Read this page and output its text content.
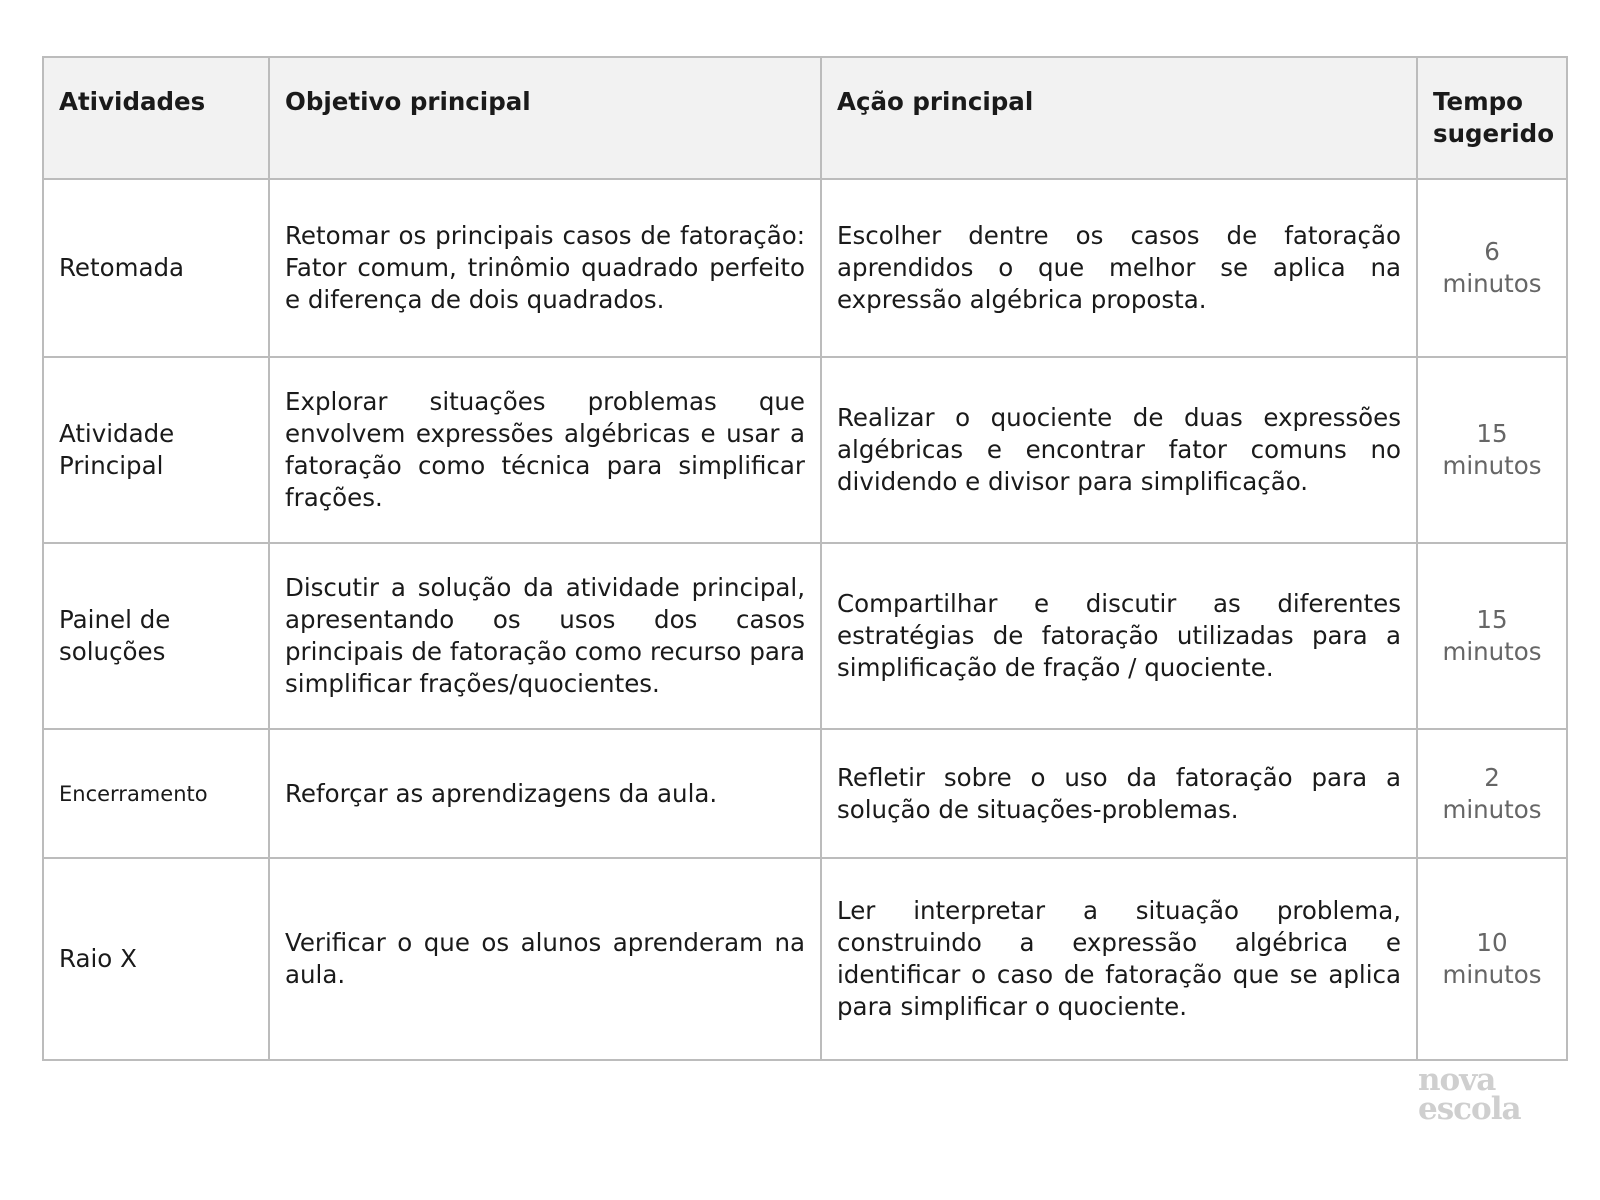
Atividades	Objetivo principal	Ação principal	Tempo sugerido
Retomada	Retomar os principais casos de fatoração: Fator comum, trinômio quadrado perfeito e diferença de dois quadrados.	Escolher dentre os casos de fatoração aprendidos o que melhor se aplica na expressão algébrica proposta.	6
minutos

Atividade Principal	Explorar situações problemas que envolvem expressões algébricas e usar a fatoração como técnica para simplificar frações.	Realizar o quociente de duas expressões algébricas e encontrar fator comuns no dividendo e divisor para simplificação.	15
minutos

Painel de soluções	Discutir a solução da atividade principal, apresentando os usos dos casos principais de fatoração como recurso para simplificar frações/quocientes.	Compartilhar e discutir as diferentes estratégias de fatoração utilizadas para a simplificação de fração / quociente.	15
minutos

Encerramento	Reforçar as aprendizagens da aula.	Refletir sobre o uso da fatoração para a solução de situações-problemas.	2
minutos

Raio X	Verificar o que os alunos aprenderam na aula.	Ler interpretar a situação problema, construindo a expressão algébrica e identificar o caso de fatoração que se aplica para simplificar o quociente.	10
minutos
nova
escola
